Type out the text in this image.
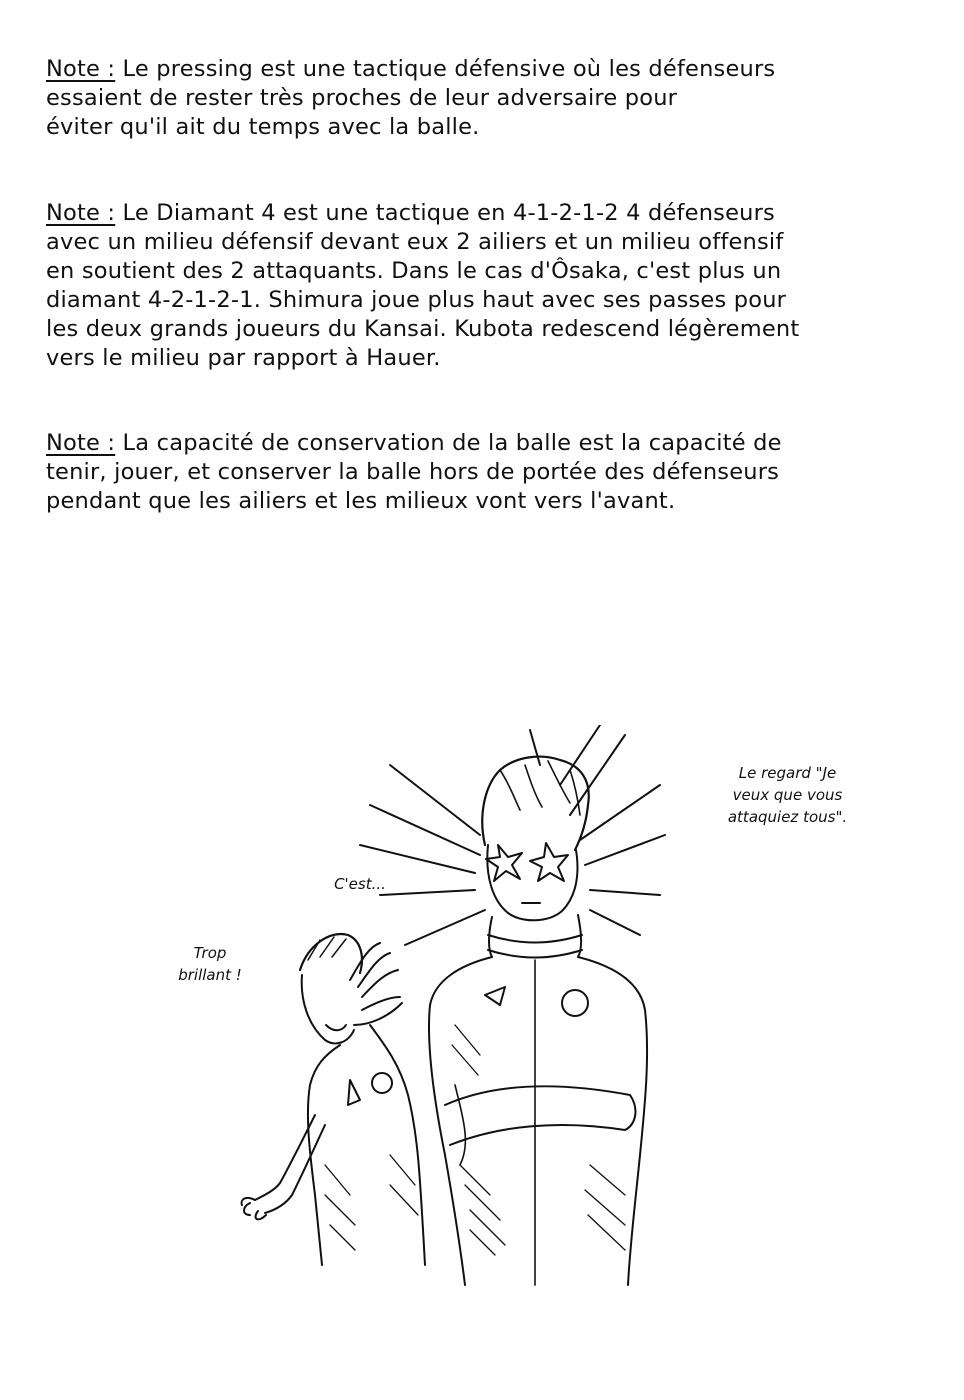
Note : Le pressing est une tactique défensive où les défenseurs
essaient de rester très proches de leur adversaire pour
éviter qu'il ait du temps avec la balle.
Note : Le Diamant 4 est une tactique en 4-1-2-1-2 4 défenseurs
avec un milieu défensif devant eux 2 ailiers et un milieu offensif
en soutient des 2 attaquants. Dans le cas d'Ôsaka, c'est plus un
diamant 4-2-1-2-1. Shimura joue plus haut avec ses passes pour
les deux grands joueurs du Kansai. Kubota redescend légèrement
vers le milieu par rapport à Hauer.
Note : La capacité de conservation de la balle est la capacité de
tenir, jouer, et conserver la balle hors de portée des défenseurs
pendant que les ailiers et les milieux vont vers l'avant.
Le regard "Je
veux que vous
attaquiez tous".
C'est...
Trop
brillant !
